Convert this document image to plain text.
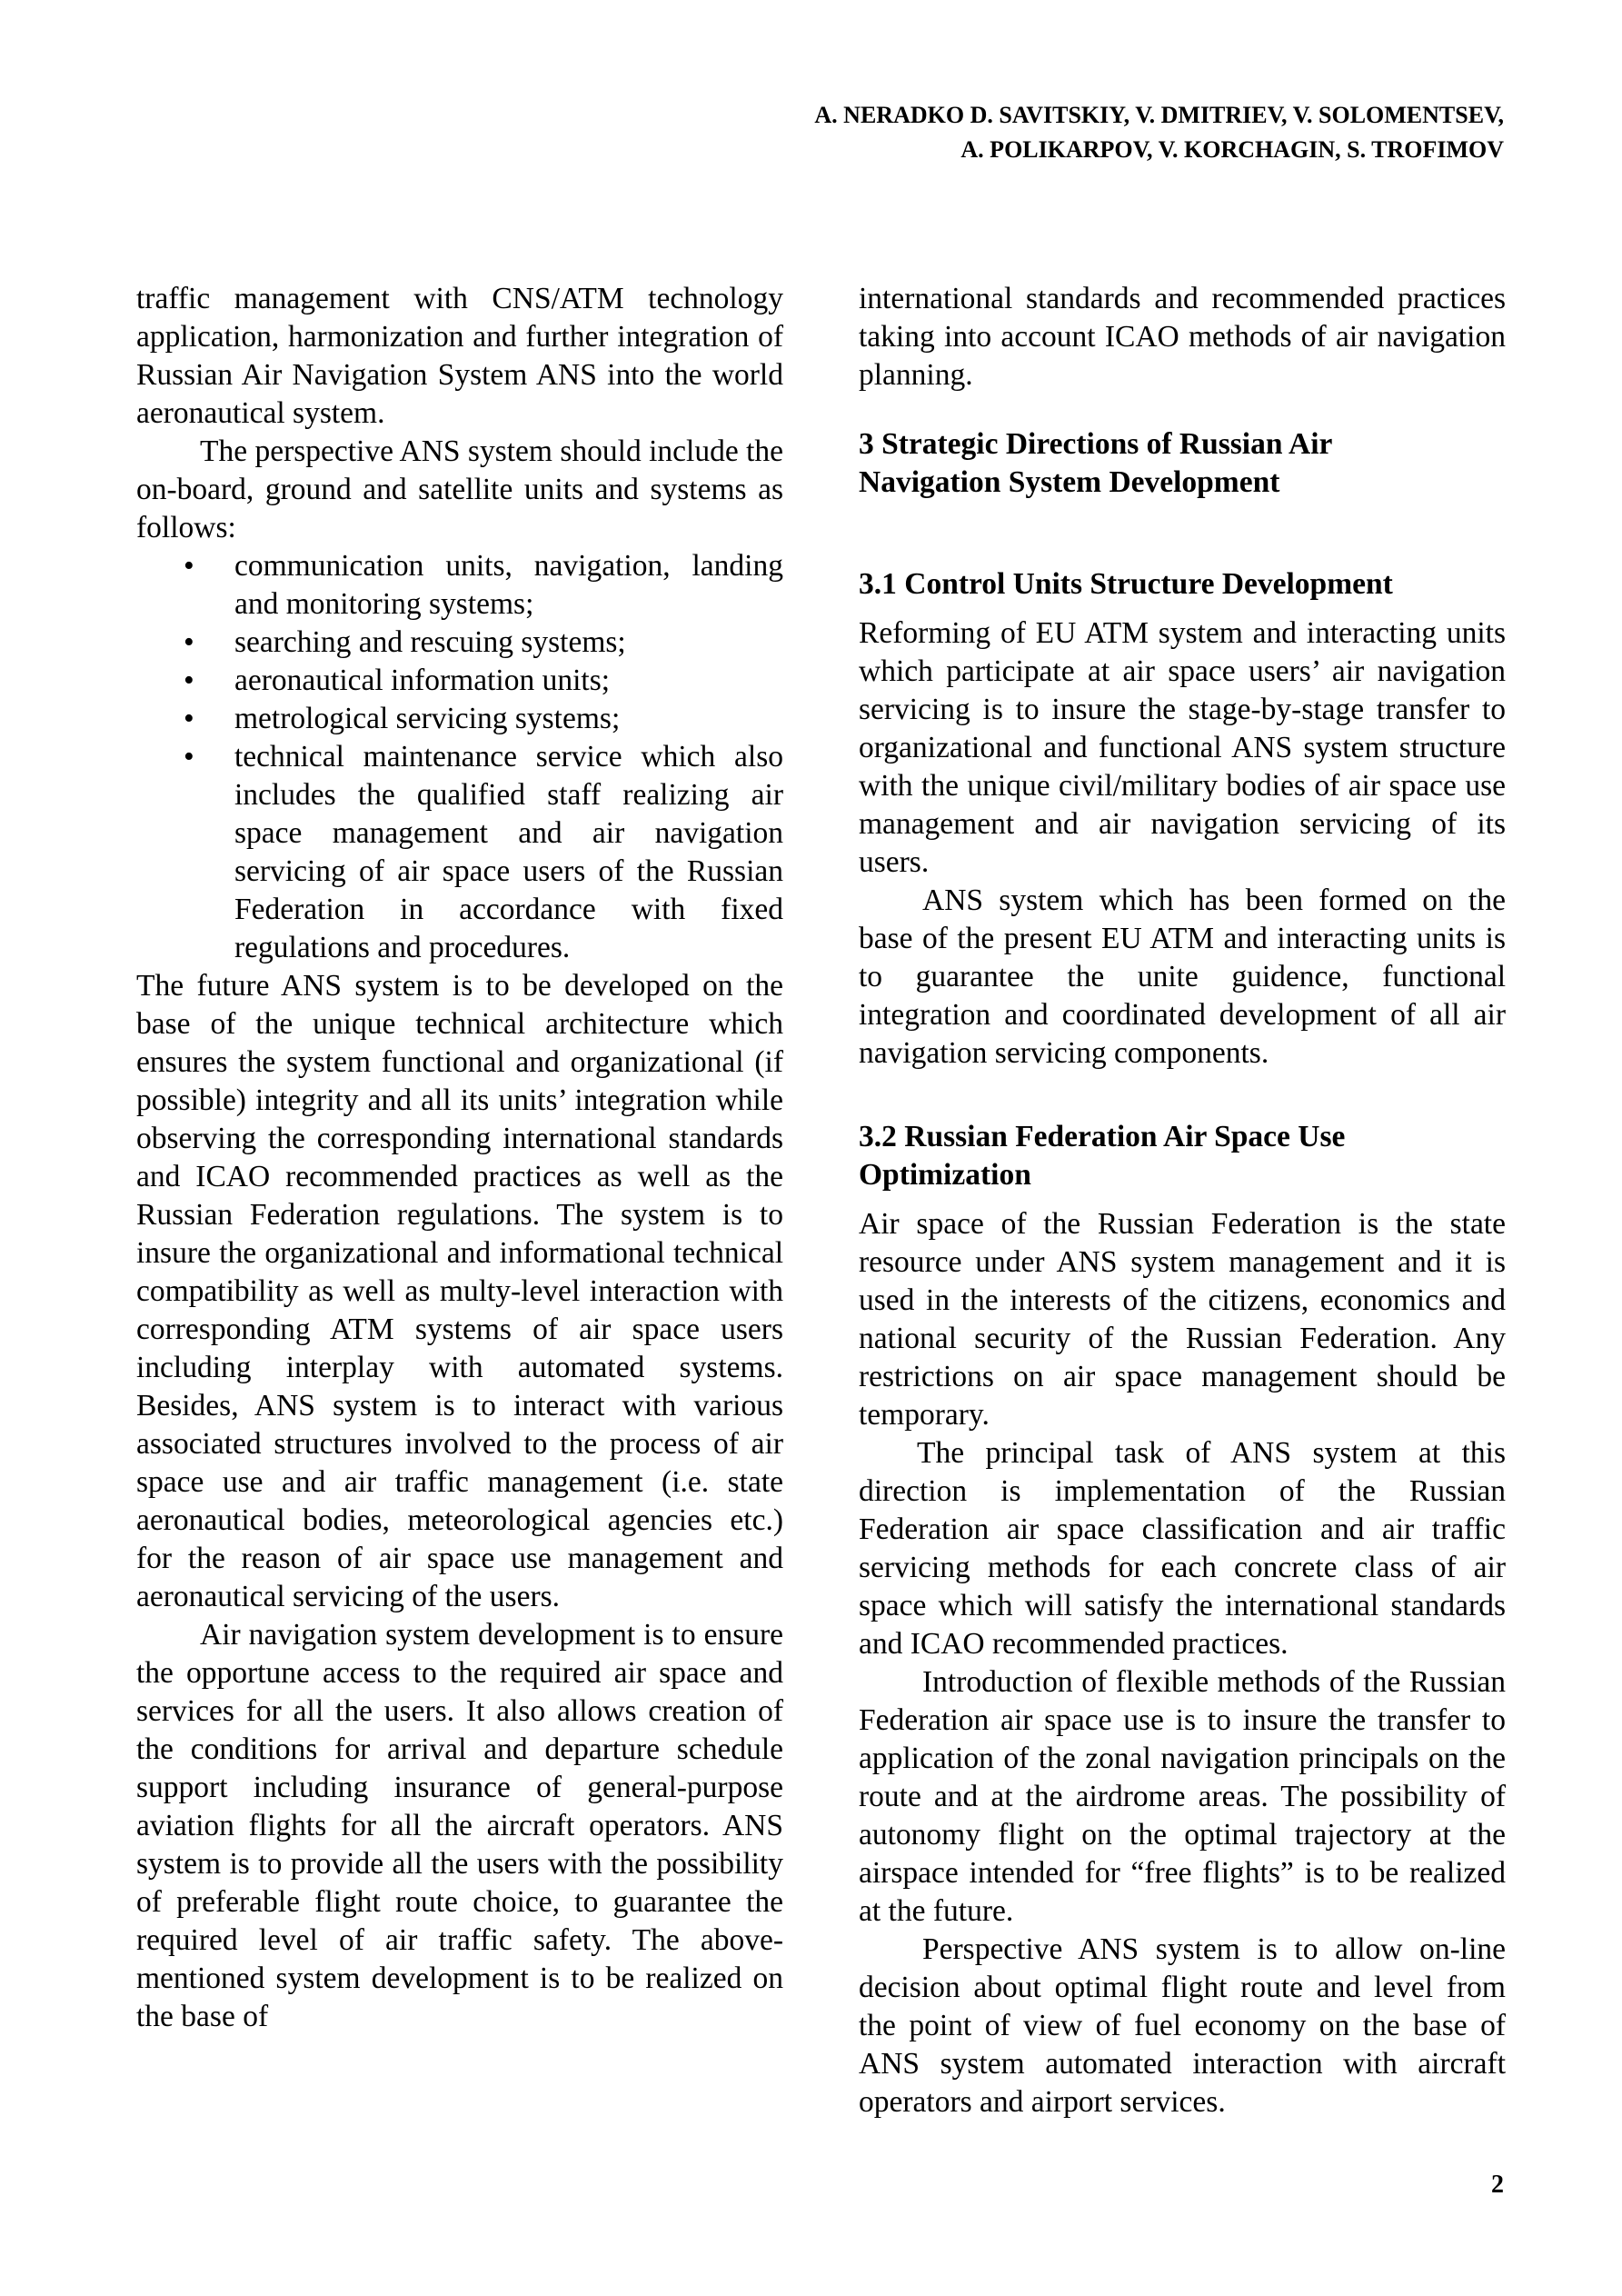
A. NERADKO D. SAVITSKIY, V. DMITRIEV, V. SOLOMENTSEV,
A. POLIKARPOV, V. KORCHAGIN, S. TROFIMOV

traffic management with CNS/ATM technology application, harmonization and further integration of Russian Air Navigation System ANS into the world aeronautical system.

The perspective ANS system should include the on-board, ground and satellite units and systems as follows:

• communication units, navigation, landing and monitoring systems;
• searching and rescuing systems;
• aeronautical information units;
• metrological servicing systems;
• technical maintenance service which also includes the qualified staff realizing air space management and air navigation servicing of air space users of the Russian Federation in accordance with fixed regulations and procedures.

The future ANS system is to be developed on the base of the unique technical architecture which ensures the system functional and organizational (if possible) integrity and all its units’ integration while observing the corresponding international standards and ICAO recommended practices as well as the Russian Federation regulations. The system is to insure the organizational and informational technical compatibility as well as multy-level interaction with corresponding ATM systems of air space users including interplay with automated systems. Besides, ANS system is to interact with various associated structures involved to the process of air space use and air traffic management (i.e. state aeronautical bodies, meteorological agencies etc.) for the reason of air space use management and aeronautical servicing of the users.

Air navigation system development is to ensure the opportune access to the required air space and services for all the users. It also allows creation of the conditions for arrival and departure schedule support including insurance of general-purpose aviation flights for all the aircraft operators. ANS system is to provide all the users with the possibility of preferable flight route choice, to guarantee the required level of air traffic safety. The above-mentioned system development is to be realized on the base of

international standards and recommended practices taking into account ICAO methods of air navigation planning.

3 Strategic Directions of Russian Air Navigation System Development
3.1 Control Units Structure Development

Reforming of EU ATM system and interacting units which participate at air space users’ air navigation servicing is to insure the stage-by-stage transfer to organizational and functional ANS system structure with the unique civil/military bodies of air space use management and air navigation servicing of its users.

ANS system which has been formed on the base of the present EU ATM and interacting units is to guarantee the unite guidence, functional integration and coordinated development of all air navigation servicing components.

3.2 Russian Federation Air Space Use Optimization

Air space of the Russian Federation is the state resource under ANS system management and it is used in the interests of the citizens, economics and national security of the Russian Federation. Any restrictions on air space management should be temporary.

The principal task of ANS system at this direction is implementation of the Russian Federation air space classification and air traffic servicing methods for each concrete class of air space which will satisfy the international standards and ICAO recommended practices.

Introduction of flexible methods of the Russian Federation air space use is to insure the transfer to application of the zonal navigation principals on the route and at the airdrome areas. The possibility of autonomy flight on the optimal trajectory at the airspace intended for “free flights” is to be realized at the future.

Perspective ANS system is to allow on-line decision about optimal flight route and level from the point of view of fuel economy on the base of ANS system automated interaction with aircraft operators and airport services.

2
